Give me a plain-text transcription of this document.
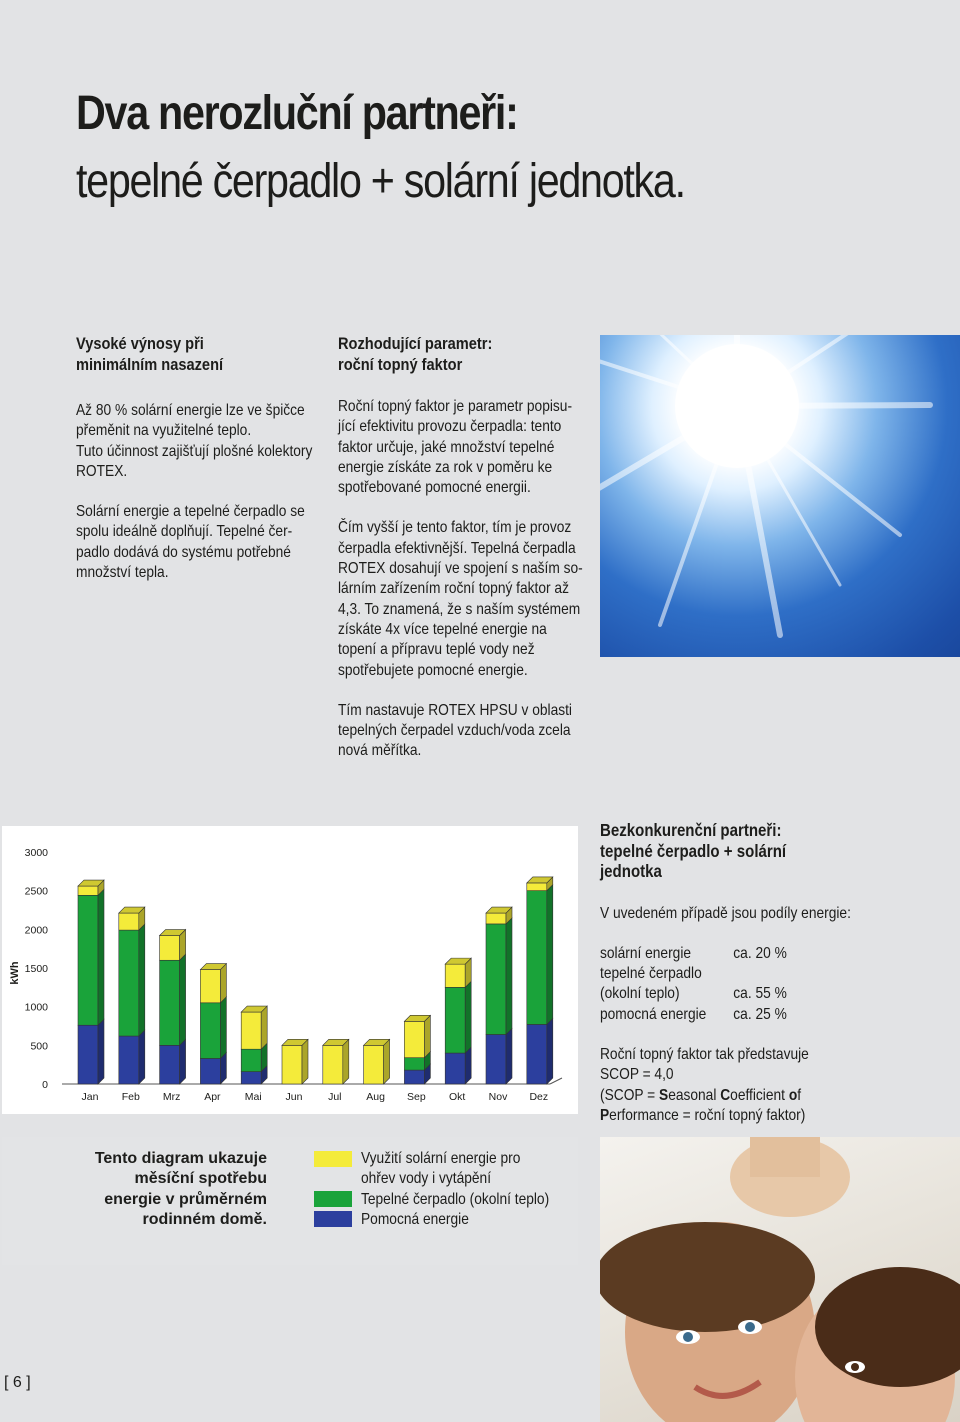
Dva nerozluční partneři:
tepelné čerpadlo + solární jednotka.
Vysoké výnosy při
minimálním nasazení
Až 80 % solární energie lze ve špičce
přeměnit na využitelné teplo.
Tuto účinnost zajišťují plošné kolektory
ROTEX.
Solární energie a tepelné čerpadlo se
spolu ideálně doplňují. Tepelné čer-
padlo dodává do systému potřebné
množství tepla.
Rozhodující parametr:
roční topný faktor
Roční topný faktor je parametr popisu-
jící efektivitu provozu čerpadla: tento
faktor určuje, jaké množství tepelné
energie získáte za rok v poměru ke
spotřebované pomocné energii.
Čím vyšší je tento faktor, tím je provoz
čerpadla efektivnější. Tepelná čerpadla
ROTEX dosahují ve spojení s naším so-
lárním zařízením roční topný faktor až
4,3. To znamená, že s naším systémem
získáte 4x více tepelné energie na
topení a přípravu teplé vody než
spotřebujete pomocné energie.
Tím nastavuje ROTEX HPSU v oblasti
tepelných čerpadel vzduch/voda zcela
nová měřítka.
kWh
0
500
1000
1500
2000
2500
3000
Jan Feb Mrz Apr Mai Jun Jul Aug Sep Okt Nov Dez
Bezkonkurenční partneři:
tepelné čerpadlo + solární
jednotka
V uvedeném případě jsou podíly energie:
solární energie	ca. 20 %
tepelné čerpadlo
(okolní teplo)	ca. 55 %
pomocná energie ca. 25 %
Roční topný faktor tak představuje
SCOP = 4,0
(SCOP = Seasonal Coefficient of
Performance = roční topný faktor)
Tento diagram ukazuje
měsíční spotřebu
energie v průměrném
rodinném domě.
Využití solární energie pro
ohřev vody i vytápění
Tepelné čerpadlo (okolní teplo)
Pomocná energie
[ 6 ]
